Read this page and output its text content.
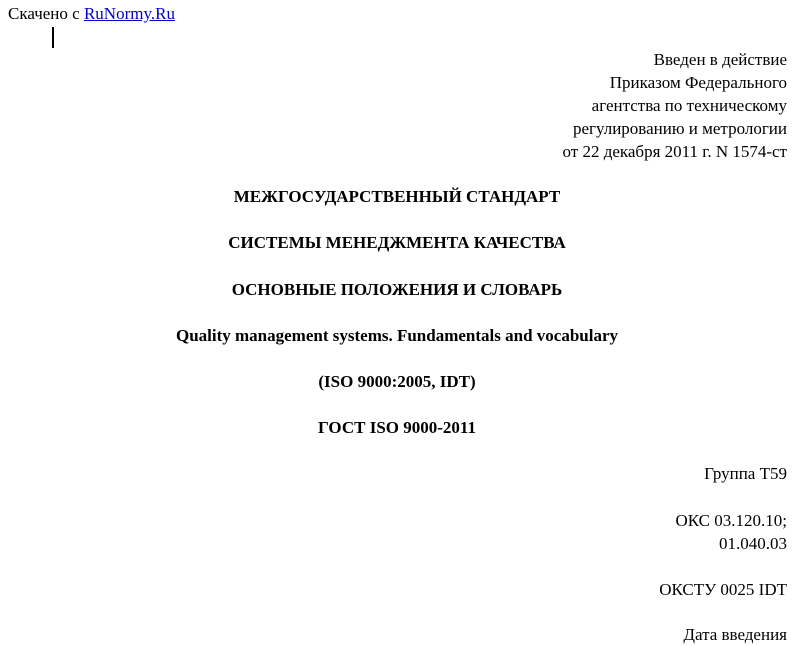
Скачено с RuNormy.Ru
Введен в действие
Приказом Федерального
агентства по техническому
регулированию и метрологии
от 22 декабря 2011 г. N 1574-ст
МЕЖГОСУДАРСТВЕННЫЙ СТАНДАРТ
СИСТЕМЫ МЕНЕДЖМЕНТА КАЧЕСТВА
ОСНОВНЫЕ ПОЛОЖЕНИЯ И СЛОВАРЬ
Quality management systems. Fundamentals and vocabulary
(ISO 9000:2005, IDT)
ГОСТ ISO 9000-2011
Группа Т59
ОКС 03.120.10;
01.040.03
ОКСТУ 0025 IDT
Дата введения
